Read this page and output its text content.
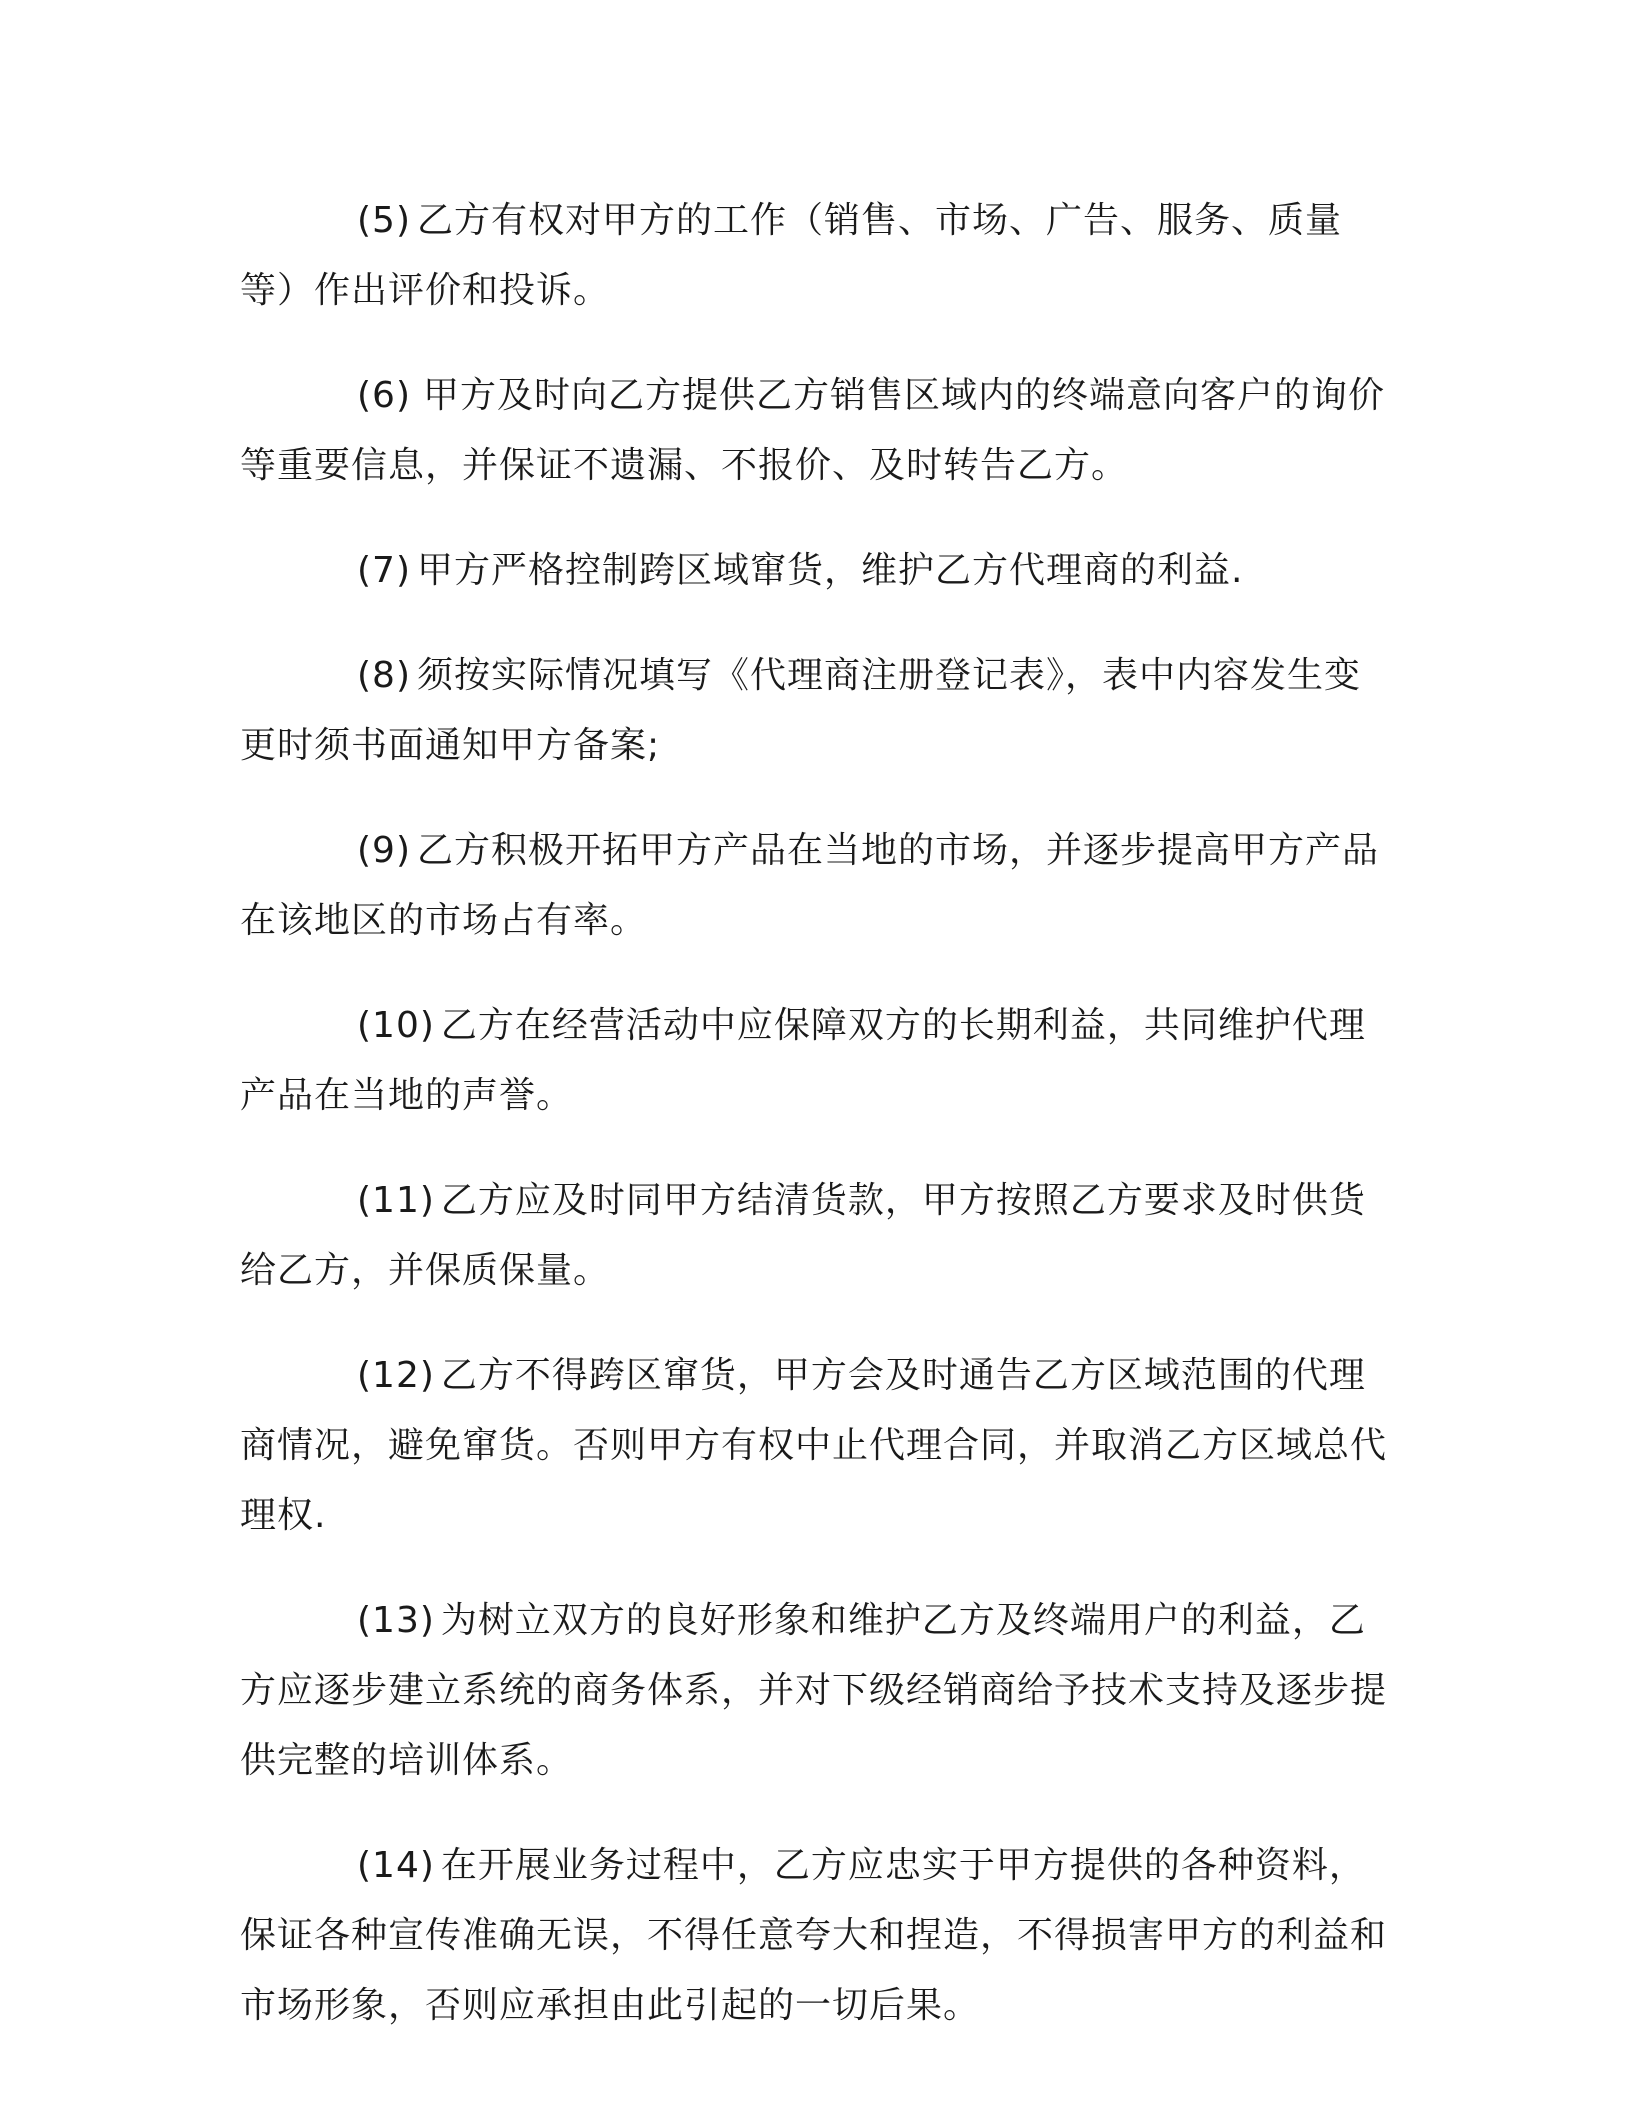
(5) 乙方有权对甲方的工作（销售、市场、广告、服务、质量等）作出评价和投诉。

(6) 甲方及时向乙方提供乙方销售区域内的终端意向客户的询价等重要信息，并保证不遗漏、不报价、及时转告乙方。

(7) 甲方严格控制跨区域窜货，维护乙方代理商的利益.

(8) 须按实际情况填写《代理商注册登记表》，表中内容发生变更时须书面通知甲方备案;

(9) 乙方积极开拓甲方产品在当地的市场，并逐步提高甲方产品在该地区的市场占有率。

(10) 乙方在经营活动中应保障双方的长期利益，共同维护代理产品在当地的声誉。

(11) 乙方应及时同甲方结清货款，甲方按照乙方要求及时供货给乙方，并保质保量。

(12) 乙方不得跨区窜货，甲方会及时通告乙方区域范围的代理商情况，避免窜货。否则甲方有权中止代理合同，并取消乙方区域总代理权.

(13) 为树立双方的良好形象和维护乙方及终端用户的利益，乙方应逐步建立系统的商务体系，并对下级经销商给予技术支持及逐步提供完整的培训体系。

(14) 在开展业务过程中，乙方应忠实于甲方提供的各种资料，保证各种宣传准确无误，不得任意夸大和捏造，不得损害甲方的利益和市场形象，否则应承担由此引起的一切后果。
